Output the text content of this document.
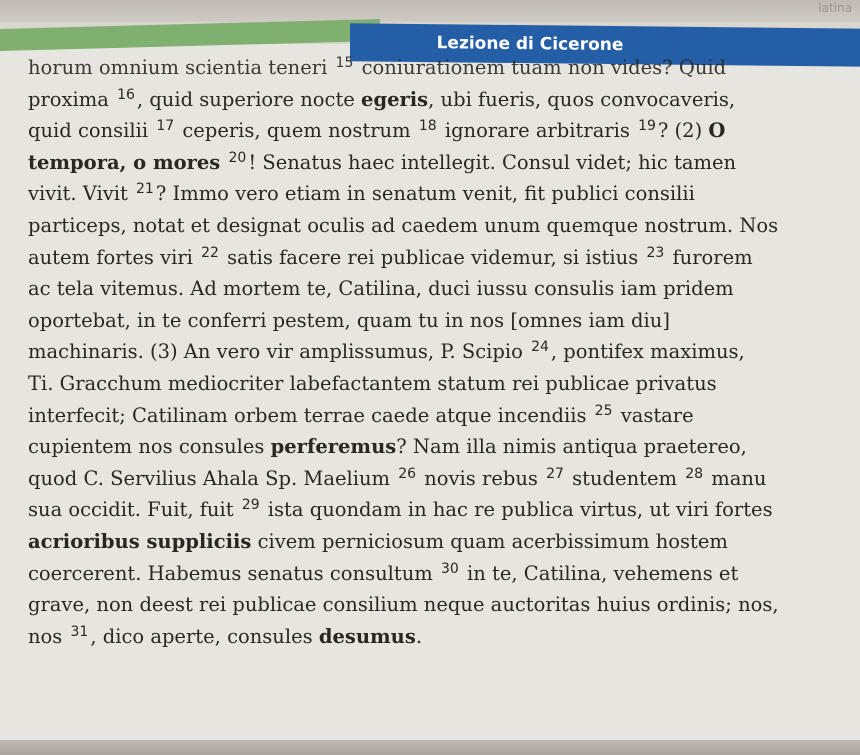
latina
Lezione di Cicerone
horum omnium scientia teneri $^{15}$ coniurationem tuam non vides? Quid
proxima $^{16}$ , quid superiore nocte egeris, ubi fueris, quos convocaveris,
quid consilii $^{17}$ ceperis, quem nostrum $^{18}$ ignorare arbitraris $^{19}$ ? (2) O
tempora, o mores $^{20}$ ! Senatus haec intellegit. Consul videt; hic tamen
vivit. Vivit $^{21}$ ? Immo vero etiam in senatum venit, fit publici consilii
particeps, notat et designat oculis ad caedem unum quemque nostrum. Nos
autem fortes viri $^{22}$ satis facere rei publicae videmur, si istius $^{23}$ furorem
ac tela vitemus. Ad mortem te, Catilina, duci iussu consulis iam pridem
oportebat, in te conferri pestem, quam tu in nos [omnes iam diu]
machinaris. (3) An vero vir amplissumus, P. Scipio $^{24}$ , pontifex maximus,
Ti. Gracchum mediocriter labefactantem statum rei publicae privatus
interfecit; Catilinam orbem terrae caede atque incendiis $^{25}$ vastare
cupientem nos consules perferemus? Nam illa nimis antiqua praetereo,
quod C. Servilius Ahala Sp. Maelium $^{26}$ novis rebus $^{27}$ studentem $^{28}$ manu
sua occidit. Fuit, fuit $^{29}$ ista quondam in hac re publica virtus, ut viri fortes
acrioribus suppliciis civem perniciosum quam acerbissimum hostem
coercerent. Habemus senatus consultum $^{30}$ in te, Catilina, vehemens et
grave, non deest rei publicae consilium neque auctoritas huius ordinis; nos,
nos $^{31}$ , dico aperte, consules desumus.
